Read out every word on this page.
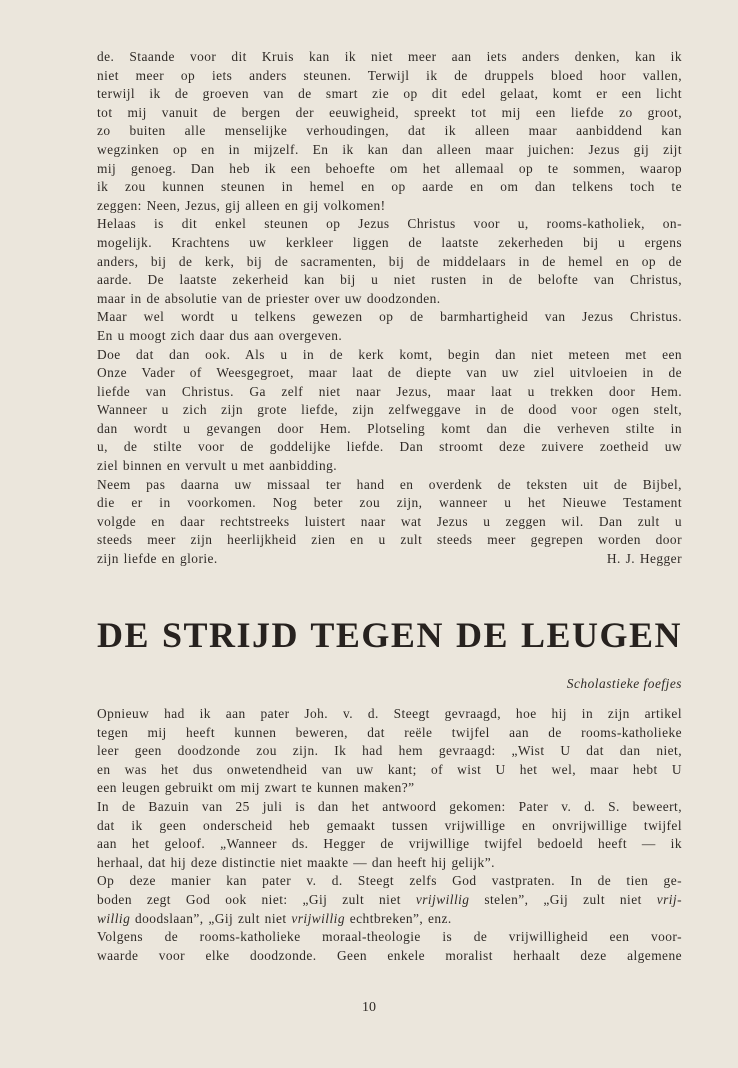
de. Staande voor dit Kruis kan ik niet meer aan iets anders denken, kan ik
niet meer op iets anders steunen. Terwijl ik de druppels bloed hoor vallen,
terwijl ik de groeven van de smart zie op dit edel gelaat, komt er een licht
tot mij vanuit de bergen der eeuwigheid, spreekt tot mij een liefde zo groot,
zo buiten alle menselijke verhoudingen, dat ik alleen maar aanbiddend kan
wegzinken op en in mijzelf. En ik kan dan alleen maar juichen: Jezus gij zijt
mij genoeg. Dan heb ik een behoefte om het allemaal op te sommen, waarop
ik zou kunnen steunen in hemel en op aarde en om dan telkens toch te
zeggen: Neen, Jezus, gij alleen en gij volkomen!
Helaas is dit enkel steunen op Jezus Christus voor u, rooms-katholiek, on-
mogelijk. Krachtens uw kerkleer liggen de laatste zekerheden bij u ergens
anders, bij de kerk, bij de sacramenten, bij de middelaars in de hemel en op de
aarde. De laatste zekerheid kan bij u niet rusten in de belofte van Christus,
maar in de absolutie van de priester over uw doodzonden.
Maar wel wordt u telkens gewezen op de barmhartigheid van Jezus Christus.
En u moogt zich daar dus aan overgeven.
Doe dat dan ook. Als u in de kerk komt, begin dan niet meteen met een
Onze Vader of Weesgegroet, maar laat de diepte van uw ziel uitvloeien in de
liefde van Christus. Ga zelf niet naar Jezus, maar laat u trekken door Hem.
Wanneer u zich zijn grote liefde, zijn zelfweggave in de dood voor ogen stelt,
dan wordt u gevangen door Hem. Plotseling komt dan die verheven stilte in
u, de stilte voor de goddelijke liefde. Dan stroomt deze zuivere zoetheid uw
ziel binnen en vervult u met aanbidding.
Neem pas daarna uw missaal ter hand en overdenk de teksten uit de Bijbel,
die er in voorkomen. Nog beter zou zijn, wanneer u het Nieuwe Testament
volgde en daar rechtstreeks luistert naar wat Jezus u zeggen wil. Dan zult u
steeds meer zijn heerlijkheid zien en u zult steeds meer gegrepen worden door
zijn liefde en glorie.	H. J. Hegger
DE STRIJD TEGEN DE LEUGEN
Scholastieke foefjes
Opnieuw had ik aan pater Joh. v. d. Steegt gevraagd, hoe hij in zijn artikel
tegen mij heeft kunnen beweren, dat reële twijfel aan de rooms-katholieke
leer geen doodzonde zou zijn. Ik had hem gevraagd: „Wist U dat dan niet,
en was het dus onwetendheid van uw kant; of wist U het wel, maar hebt U
een leugen gebruikt om mij zwart te kunnen maken?”
In de Bazuin van 25 juli is dan het antwoord gekomen: Pater v. d. S. beweert,
dat ik geen onderscheid heb gemaakt tussen vrijwillige en onvrijwillige twijfel
aan het geloof. „Wanneer ds. Hegger de vrijwillige twijfel bedoeld heeft — ik
herhaal, dat hij deze distinctie niet maakte — dan heeft hij gelijk”.
Op deze manier kan pater v. d. Steegt zelfs God vastpraten. In de tien ge-
boden zegt God ook niet: „Gij zult niet vrijwillig stelen”, „Gij zult niet vrij-
willig doodslaan”, „Gij zult niet vrijwillig echtbreken”, enz.
Volgens de rooms-katholieke moraal-theologie is de vrijwilligheid een voor-
waarde voor elke doodzonde. Geen enkele moralist herhaalt deze algemene
10
